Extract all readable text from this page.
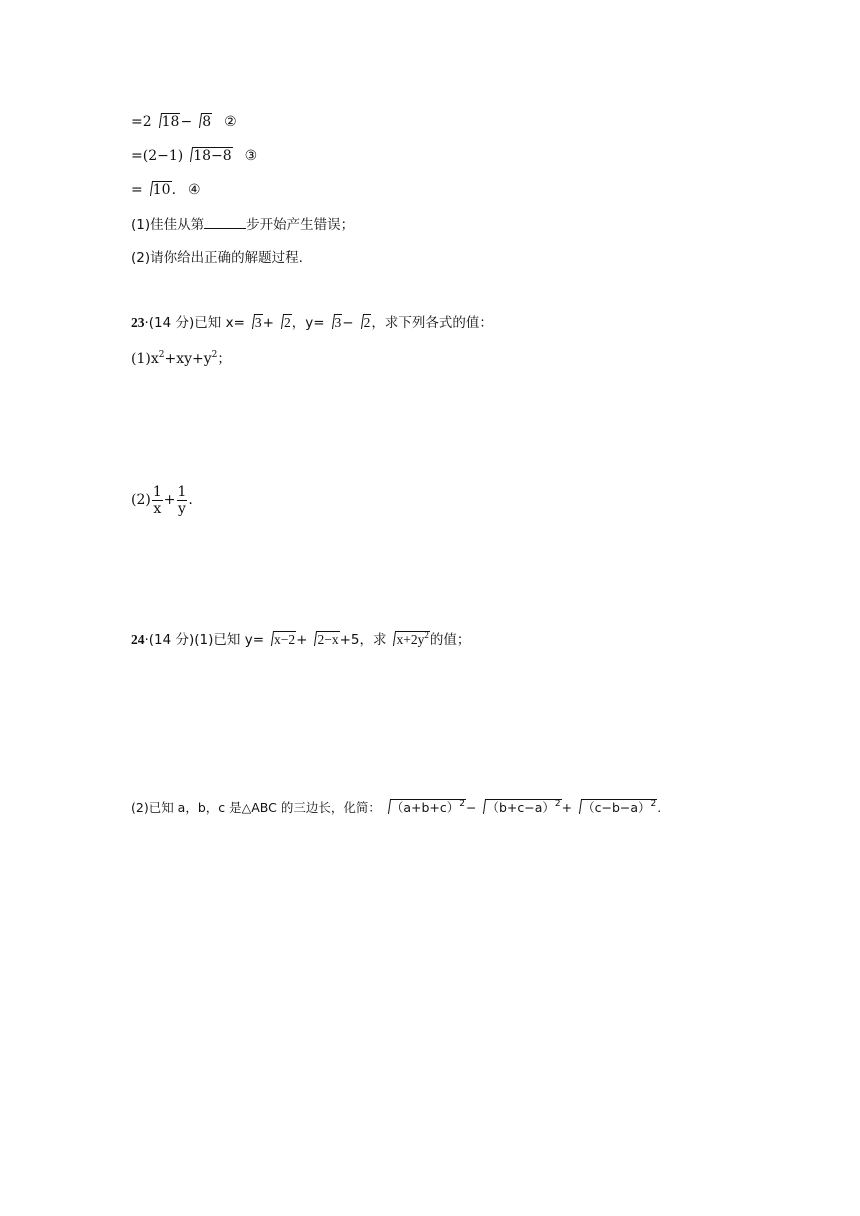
=2 18− 8 ②
=(2−1) 18−8 ③
= 10. ④
(1)佳佳从第	步开始产生错误；
(2)请你给出正确的解题过程.
23·(14 分)已知 x= 3+ 2，y= 3− 2，求下列各式的值：
$(1)x^2+xy+y^2$；
$(2) \frac{1}{x} + \frac{1}{y}$ .
24·(14 分)(1)已知 y= x−2+ 2−x+5，求 $x+2y^2$的值；
(2)已知 a，b，c 是△ABC 的三边长，化简： $(a+b+c)^2- (b+c-a)^2+ (c-b-a)^2$.
